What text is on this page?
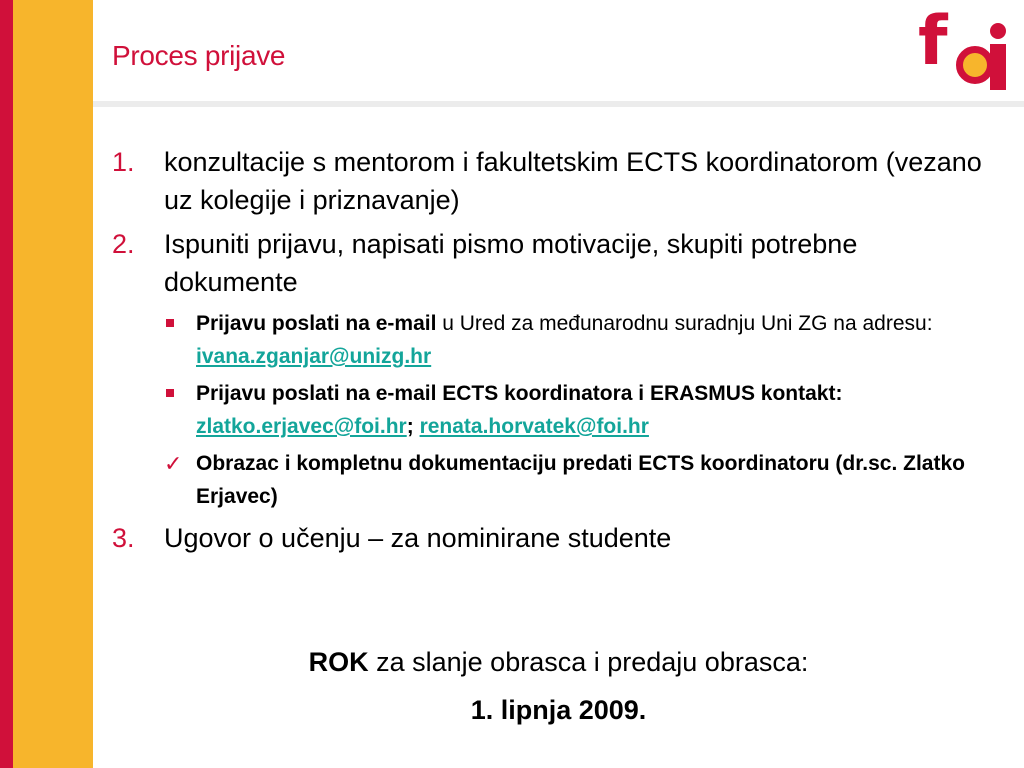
Proces prijave	f
1. konzultacije s mentorom i fakultetskim ECTS koordinatorom (vezano uz kolegije i priznavanje)
2. Ispuniti prijavu, napisati pismo motivacije, skupiti potrebne dokumente
Prijavu poslati na e-mail u Ured za međunarodnu suradnju Uni ZG na adresu: ivana.zganjar@unizg.hr
Prijavu poslati na e-mail ECTS koordinatora i ERASMUS kontakt: zlatko.erjavec@foi.hr; renata.horvatek@foi.hr
✓ Obrazac i kompletnu dokumentaciju predati ECTS koordinatoru (dr.sc. Zlatko Erjavec)
3. Ugovor o učenju – za nominirane studente
ROK za slanje obrasca i predaju obrasca:
1. lipnja 2009.
